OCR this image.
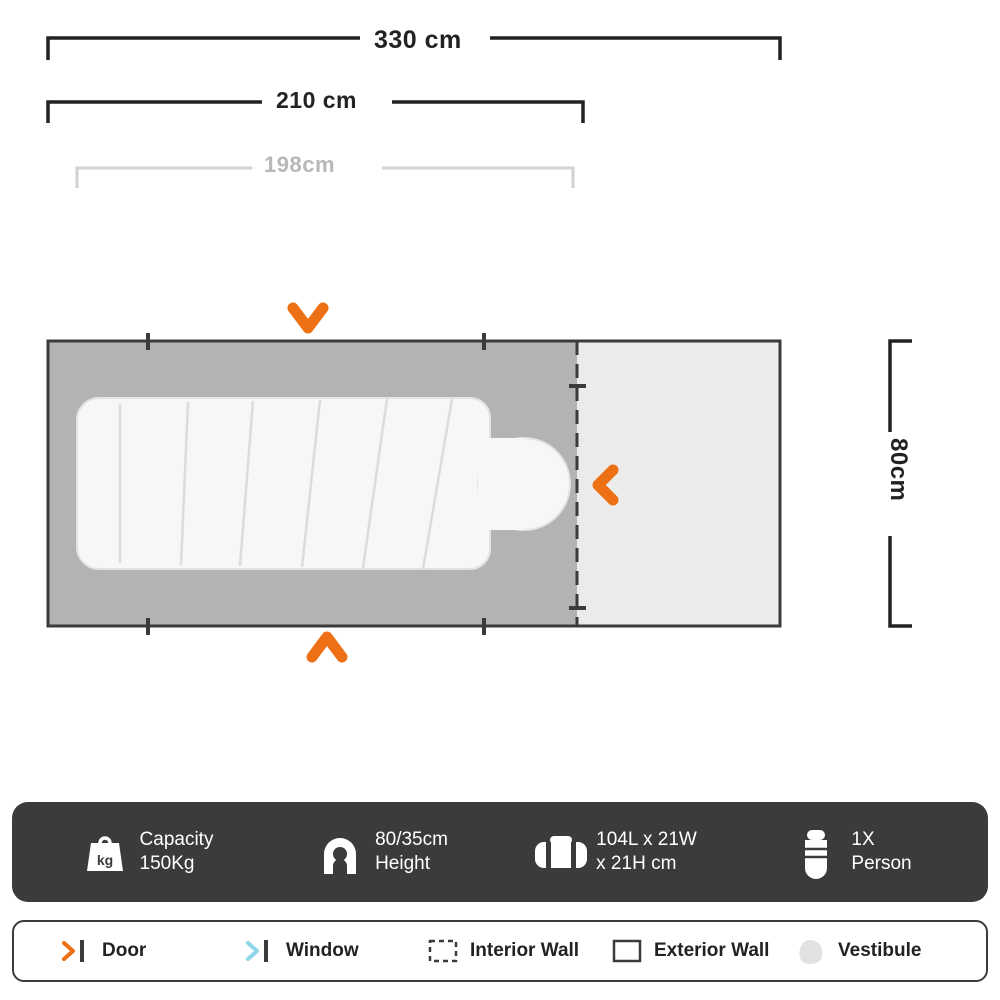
330 cm
210 cm
198cm
80cm
kg
Capacity
150Kg
80/35cm
Height
104L x 21W
x 21H cm
1X
Person
Door	Window	Interior Wall	Exterior Wall	Vestibule
